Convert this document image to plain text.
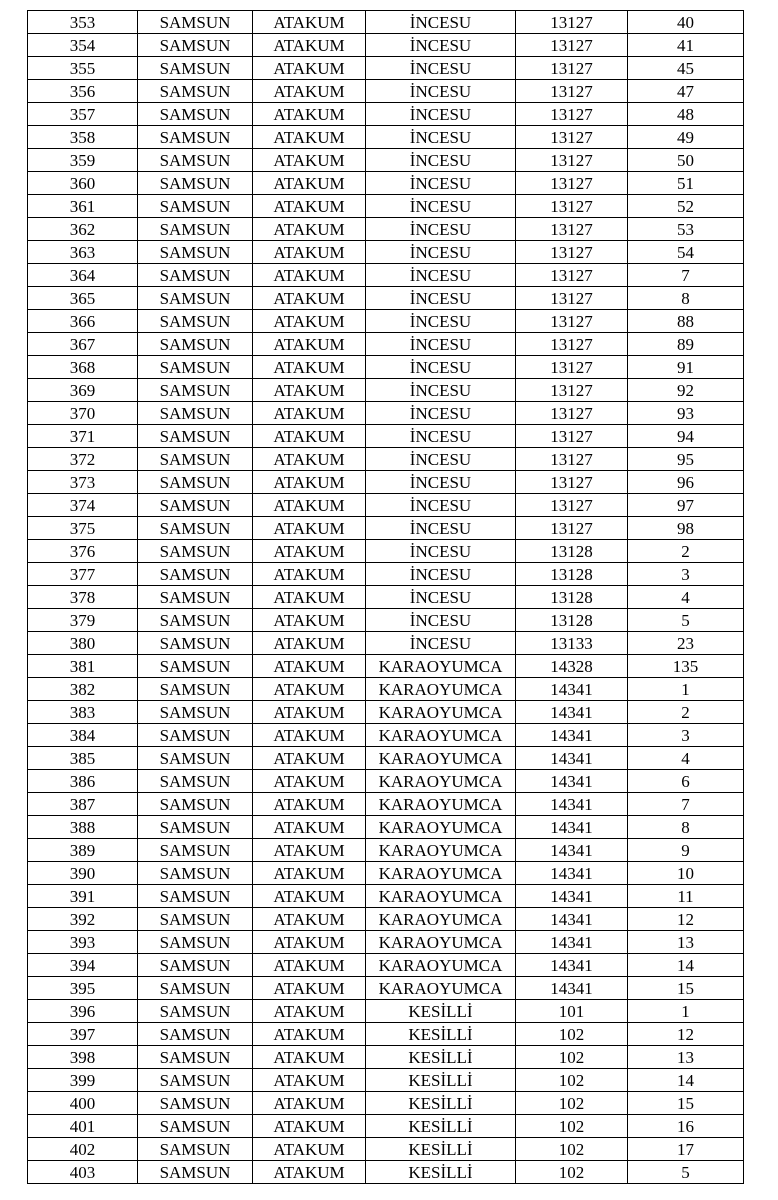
353	SAMSUN	ATAKUM	İNCESU	13127	40
354	SAMSUN	ATAKUM	İNCESU	13127	41
355	SAMSUN	ATAKUM	İNCESU	13127	45
356	SAMSUN	ATAKUM	İNCESU	13127	47
357	SAMSUN	ATAKUM	İNCESU	13127	48
358	SAMSUN	ATAKUM	İNCESU	13127	49
359	SAMSUN	ATAKUM	İNCESU	13127	50
360	SAMSUN	ATAKUM	İNCESU	13127	51
361	SAMSUN	ATAKUM	İNCESU	13127	52
362	SAMSUN	ATAKUM	İNCESU	13127	53
363	SAMSUN	ATAKUM	İNCESU	13127	54
364	SAMSUN	ATAKUM	İNCESU	13127	7
365	SAMSUN	ATAKUM	İNCESU	13127	8
366	SAMSUN	ATAKUM	İNCESU	13127	88
367	SAMSUN	ATAKUM	İNCESU	13127	89
368	SAMSUN	ATAKUM	İNCESU	13127	91
369	SAMSUN	ATAKUM	İNCESU	13127	92
370	SAMSUN	ATAKUM	İNCESU	13127	93
371	SAMSUN	ATAKUM	İNCESU	13127	94
372	SAMSUN	ATAKUM	İNCESU	13127	95
373	SAMSUN	ATAKUM	İNCESU	13127	96
374	SAMSUN	ATAKUM	İNCESU	13127	97
375	SAMSUN	ATAKUM	İNCESU	13127	98
376	SAMSUN	ATAKUM	İNCESU	13128	2
377	SAMSUN	ATAKUM	İNCESU	13128	3
378	SAMSUN	ATAKUM	İNCESU	13128	4
379	SAMSUN	ATAKUM	İNCESU	13128	5
380	SAMSUN	ATAKUM	İNCESU	13133	23
381	SAMSUN	ATAKUM	KARAOYUMCA	14328	135
382	SAMSUN	ATAKUM	KARAOYUMCA	14341	1
383	SAMSUN	ATAKUM	KARAOYUMCA	14341	2
384	SAMSUN	ATAKUM	KARAOYUMCA	14341	3
385	SAMSUN	ATAKUM	KARAOYUMCA	14341	4
386	SAMSUN	ATAKUM	KARAOYUMCA	14341	6
387	SAMSUN	ATAKUM	KARAOYUMCA	14341	7
388	SAMSUN	ATAKUM	KARAOYUMCA	14341	8
389	SAMSUN	ATAKUM	KARAOYUMCA	14341	9
390	SAMSUN	ATAKUM	KARAOYUMCA	14341	10
391	SAMSUN	ATAKUM	KARAOYUMCA	14341	11
392	SAMSUN	ATAKUM	KARAOYUMCA	14341	12
393	SAMSUN	ATAKUM	KARAOYUMCA	14341	13
394	SAMSUN	ATAKUM	KARAOYUMCA	14341	14
395	SAMSUN	ATAKUM	KARAOYUMCA	14341	15
396	SAMSUN	ATAKUM	KESİLLİ	101	1
397	SAMSUN	ATAKUM	KESİLLİ	102	12
398	SAMSUN	ATAKUM	KESİLLİ	102	13
399	SAMSUN	ATAKUM	KESİLLİ	102	14
400	SAMSUN	ATAKUM	KESİLLİ	102	15
401	SAMSUN	ATAKUM	KESİLLİ	102	16
402	SAMSUN	ATAKUM	KESİLLİ	102	17
403	SAMSUN	ATAKUM	KESİLLİ	102	5
